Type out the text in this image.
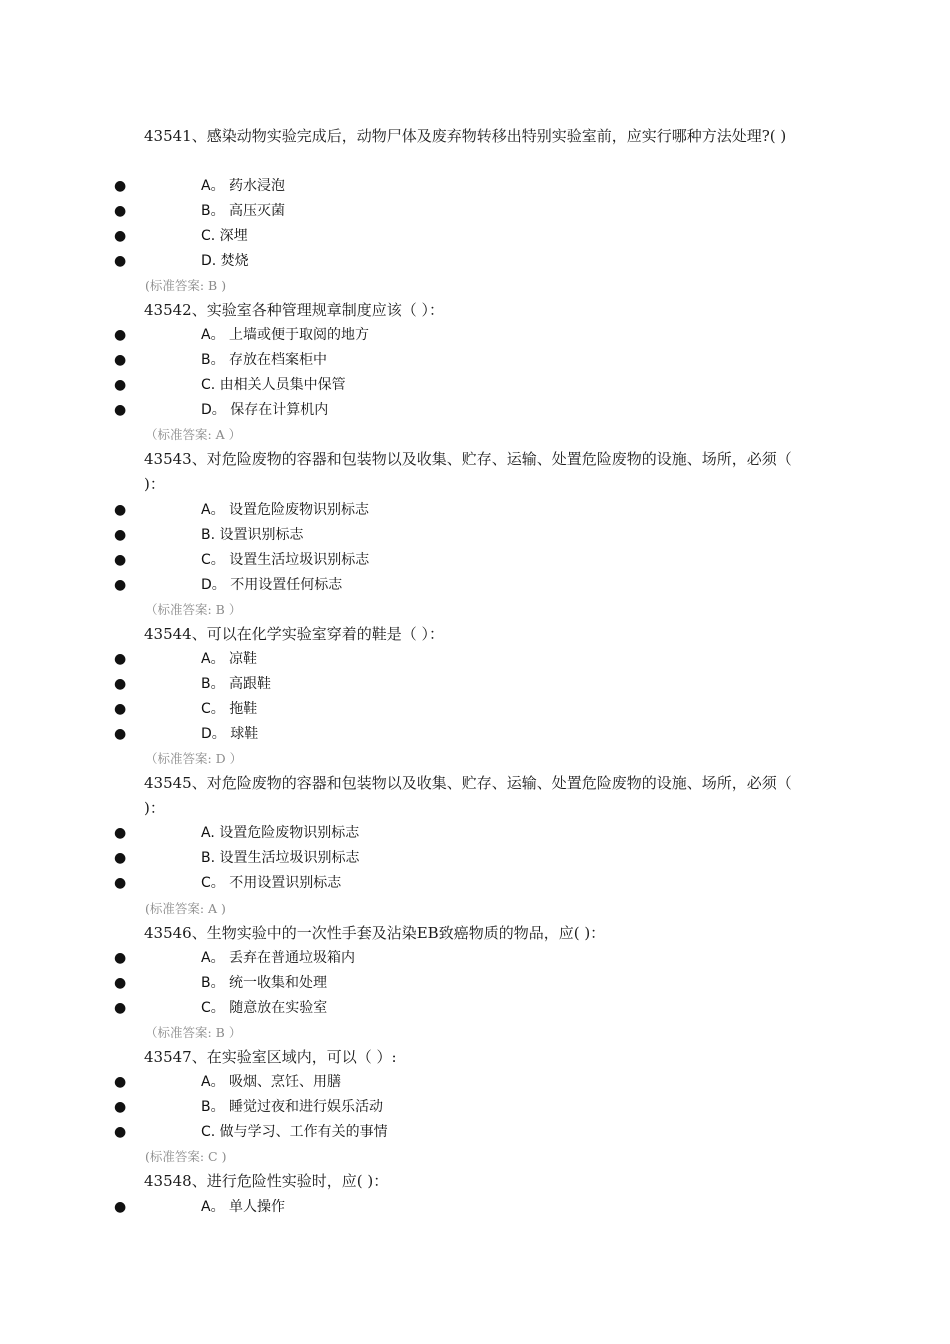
43541、感染动物实验完成后，动物尸体及废弃物转移出特别实验室前，应实行哪种方法处理?( )
●	A。 药水浸泡
●	B。 高压灭菌
●	C. 深埋
●	D. 焚烧
(标准答案: B )
43542、实验室各种管理规章制度应该（ ）：
●	A。 上墙或便于取阅的地方
●	B。 存放在档案柜中
●	C. 由相关人员集中保管
●	D。 保存在计算机内
（标准答案: A ）
43543、对危险废物的容器和包装物以及收集、贮存、运输、处置危险废物的设施、场所，必须（ )：
●	A。 设置危险废物识别标志
●	B. 设置识别标志
●	C。 设置生活垃圾识别标志
●	D。 不用设置任何标志
（标准答案: B ）
43544、可以在化学实验室穿着的鞋是（ ）：
●	A。 凉鞋
●	B。 高跟鞋
●	C。 拖鞋
●	D。 球鞋
（标准答案: D ）
43545、对危险废物的容器和包装物以及收集、贮存、运输、处置危险废物的设施、场所，必须（ )：
●	A. 设置危险废物识别标志
●	B. 设置生活垃圾识别标志
●	C。 不用设置识别标志
(标准答案: A )
43546、生物实验中的一次性手套及沾染EB致癌物质的物品，应( )：
●	A。 丢弃在普通垃圾箱内
●	B。 统一收集和处理
●	C。 随意放在实验室
（标准答案: B ）
43547、在实验室区域内，可以（ ）:
●	A。 吸烟、烹饪、用膳
●	B。 睡觉过夜和进行娱乐活动
●	C. 做与学习、工作有关的事情
(标准答案: C )
43548、进行危险性实验时，应( )：
●	A。 单人操作
